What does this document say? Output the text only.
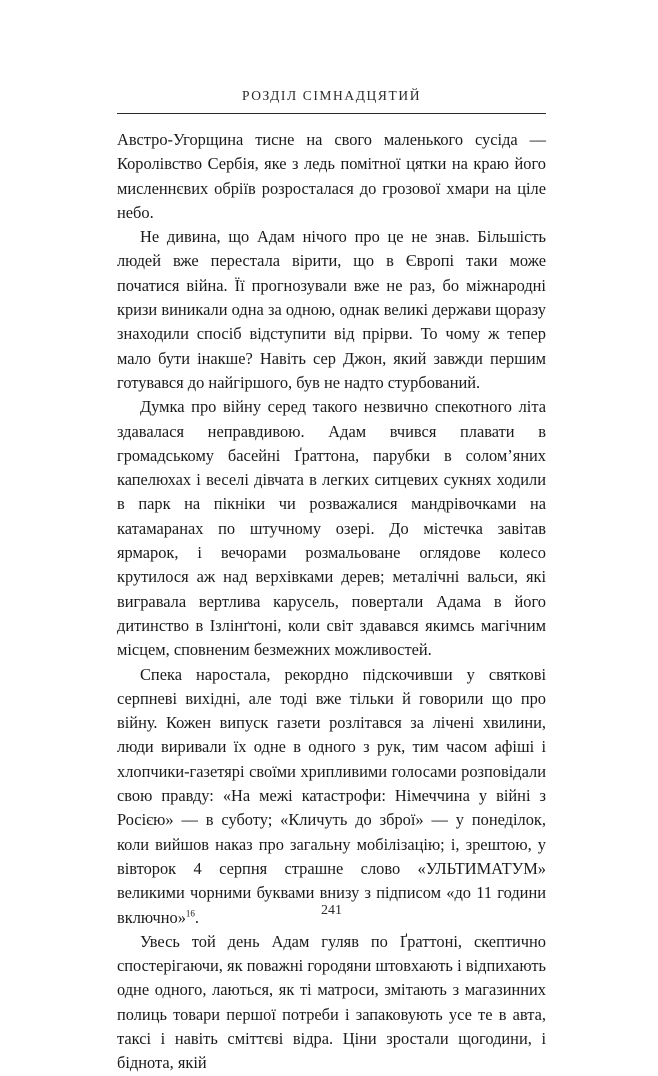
РОЗДІЛ СІМНАДЦЯТИЙ

Австро-Угорщина тисне на свого маленького сусіда — Королівство Сербія, яке з ледь помітної цятки на краю його мисленнєвих обріїв розросталася до грозової хмари на ціле небо.

Не дивина, що Адам нічого про це не знав. Більшість людей вже перестала вірити, що в Європі таки може початися війна. Її прогнозували вже не раз, бо міжнародні кризи виникали одна за одною, однак великі держави щоразу знаходили спосіб відступити від прірви. То чому ж тепер мало бути інакше? Навіть сер Джон, який завжди першим готувався до найгіршого, був не надто стурбований.

Думка про війну серед такого незвично спекотного літа здавалася неправдивою. Адам вчився плавати в громадському басейні Ґраттона, парубки в солом’яних капелюхах і веселі дівчата в легких ситцевих сукнях ходили в парк на пікніки чи розважалися мандрівочками на катамаранах по штучному озері. До містечка завітав ярмарок, і вечорами розмальоване оглядове колесо крутилося аж над верхівками дерев; металічні вальси, які вигравала вертлива карусель, повертали Адама в його дитинство в Ізлінґтоні, коли світ здавався якимсь магічним місцем, сповненим безмежних можливостей.

Спека наростала, рекордно підскочивши у святкові серпневі вихідні, але тоді вже тільки й говорили що про війну. Кожен випуск газети розлітався за лічені хвилини, люди виривали їх одне в одного з рук, тим часом афіші і хлопчики-газетярі своїми хрипливими голосами розповідали свою правду: «На межі катастрофи: Німеччина у війні з Росією» — в суботу; «Кличуть до зброї» — у понеділок, коли вийшов наказ про загальну мобілізацію; і, зрештою, у вівторок 4 серпня страшне слово «УЛЬТИМАТУМ» великими чорними буквами внизу з підписом «до 11 години включно»$^{16}$.

Увесь той день Адам гуляв по Ґраттоні, скептично спостерігаючи, як поважні городяни штовхають і відпихають одне одного, лаються, як ті матроси, змітають з магазинних полиць товари першої потреби і запаковують усе те в авта, таксі і навіть сміттєві відра. Ціни зростали щогодини, і біднота, якій

241
